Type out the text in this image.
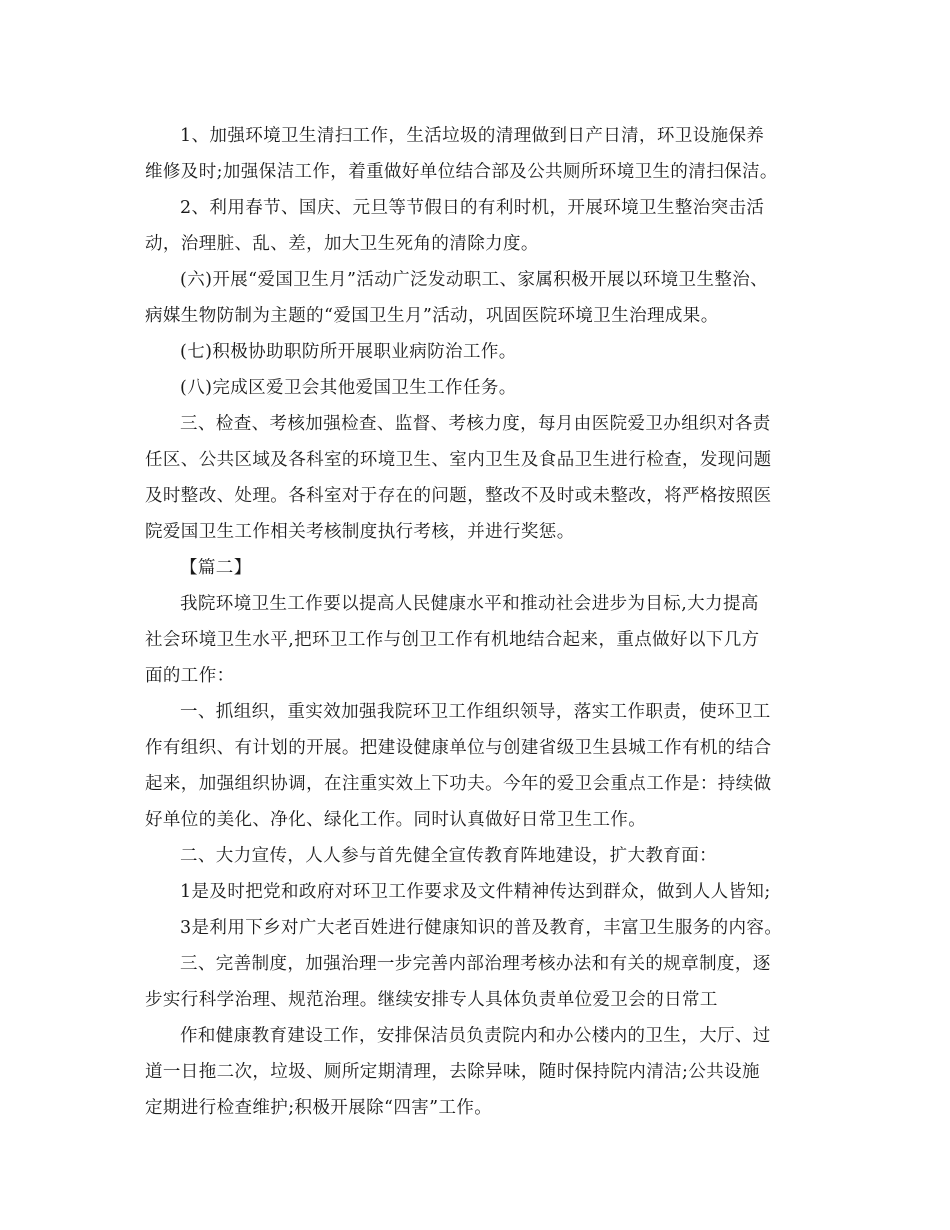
1、加强环境卫生清扫工作，生活垃圾的清理做到日产日清，环卫设施保养
维修及时;加强保洁工作，着重做好单位结合部及公共厕所环境卫生的清扫保洁。
2、利用春节、国庆、元旦等节假日的有利时机，开展环境卫生整治突击活
动，治理脏、乱、差，加大卫生死角的清除力度。
(六)开展“爱国卫生月”活动广泛发动职工、家属积极开展以环境卫生整治、
病媒生物防制为主题的“爱国卫生月”活动，巩固医院环境卫生治理成果。
(七)积极协助职防所开展职业病防治工作。
(八)完成区爱卫会其他爱国卫生工作任务。
三、检查、考核加强检查、监督、考核力度，每月由医院爱卫办组织对各责
任区、公共区域及各科室的环境卫生、室内卫生及食品卫生进行检查，发现问题
及时整改、处理。各科室对于存在的问题，整改不及时或未整改，将严格按照医
院爱国卫生工作相关考核制度执行考核，并进行奖惩。
【篇二】
我院环境卫生工作要以提高人民健康水平和推动社会进步为目标,大力提高
社会环境卫生水平,把环卫工作与创卫工作有机地结合起来，重点做好以下几方
面的工作：
一、抓组织，重实效加强我院环卫工作组织领导，落实工作职责，使环卫工
作有组织、有计划的开展。把建设健康单位与创建省级卫生县城工作有机的结合
起来，加强组织协调，在注重实效上下功夫。今年的爱卫会重点工作是：持续做
好单位的美化、净化、绿化工作。同时认真做好日常卫生工作。
二、大力宣传，人人参与首先健全宣传教育阵地建设，扩大教育面：
1是及时把党和政府对环卫工作要求及文件精神传达到群众，做到人人皆知;
3是利用下乡对广大老百姓进行健康知识的普及教育，丰富卫生服务的内容。
三、完善制度，加强治理一步完善内部治理考核办法和有关的规章制度，逐
步实行科学治理、规范治理。继续安排专人具体负责单位爱卫会的日常工
作和健康教育建设工作，安排保洁员负责院内和办公楼内的卫生，大厅、过
道一日拖二次，垃圾、厕所定期清理，去除异味，随时保持院内清洁;公共设施
定期进行检查维护;积极开展除“四害”工作。
